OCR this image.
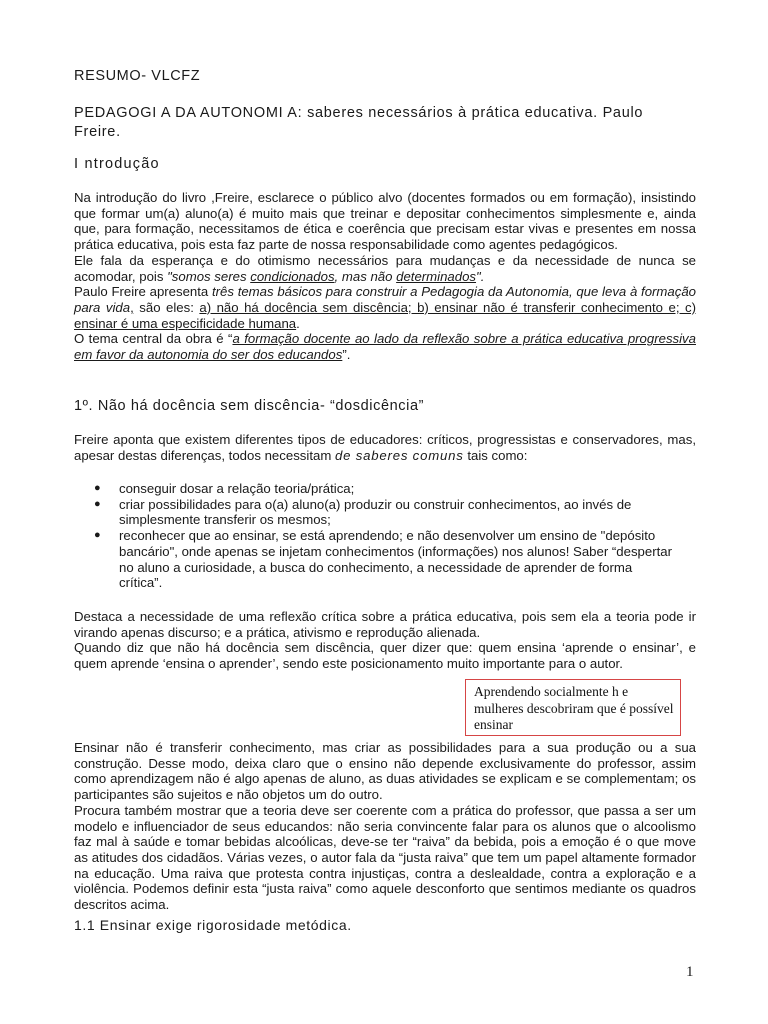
RESUMO- VLCFZ
PEDAGOGI A DA AUTONOMI A: saberes necessários à prática educativa. Paulo Freire.
I ntrodução
Na introdução do livro ,Freire, esclarece o público alvo (docentes formados ou em formação), insistindo que formar um(a) aluno(a) é muito mais que treinar e depositar conhecimentos simplesmente e, ainda que, para formação, necessitamos de ética e coerência que precisam estar vivas e presentes em nossa prática educativa, pois esta faz parte de nossa responsabilidade como agentes pedagógicos.
Ele fala da esperança e do otimismo necessários para mudanças e da necessidade de nunca se acomodar, pois "somos seres condicionados, mas não determinados".
Paulo Freire apresenta três temas básicos para construir a Pedagogia da Autonomia, que leva à formação para vida, são eles: a) não há docência sem discência; b) ensinar não é transferir conhecimento e; c) ensinar é uma especificidade humana.
O tema central da obra é “a formação docente ao lado da reflexão sobre a prática educativa progressiva em favor da autonomia do ser dos educandos”.
1º. Não há docência sem discência- “dosdicência”
Freire aponta que existem diferentes tipos de educadores: críticos, progressistas e conservadores, mas, apesar destas diferenças, todos necessitam de saberes comuns tais como:
● conseguir dosar a relação teoria/prática;
● criar possibilidades para o(a) aluno(a) produzir ou construir conhecimentos, ao invés de simplesmente transferir os mesmos;
● reconhecer que ao ensinar, se está aprendendo; e não desenvolver um ensino de "depósito bancário", onde apenas se injetam conhecimentos (informações) nos alunos! Saber “despertar no aluno a curiosidade, a busca do conhecimento, a necessidade de aprender de forma crítica”.
Destaca a necessidade de uma reflexão crítica sobre a prática educativa, pois sem ela a teoria pode ir virando apenas discurso; e a prática, ativismo e reprodução alienada.
Quando diz que não há docência sem discência, quer dizer que: quem ensina ‘aprende o ensinar’, e quem aprende ‘ensina o aprender’, sendo este posicionamento muito importante para o autor.
Aprendendo socialmente h e mulheres descobriram que é possível ensinar
Ensinar não é transferir conhecimento, mas criar as possibilidades para a sua produção ou a sua construção. Desse modo, deixa claro que o ensino não depende exclusivamente do professor, assim como aprendizagem não é algo apenas de aluno, as duas atividades se explicam e se complementam; os participantes são sujeitos e não objetos um do outro.
Procura também mostrar que a teoria deve ser coerente com a prática do professor, que passa a ser um modelo e influenciador de seus educandos: não seria convincente falar para os alunos que o alcoolismo faz mal à saúde e tomar bebidas alcoólicas, deve-se ter “raiva” da bebida, pois a emoção é o que move as atitudes dos cidadãos. Várias vezes, o autor fala da “justa raiva” que tem um papel altamente formador na educação. Uma raiva que protesta contra injustiças, contra a deslealdade, contra a exploração e a violência. Podemos definir esta “justa raiva” como aquele desconforto que sentimos mediante os quadros descritos acima.
1.1 Ensinar exige rigorosidade metódica.
1
